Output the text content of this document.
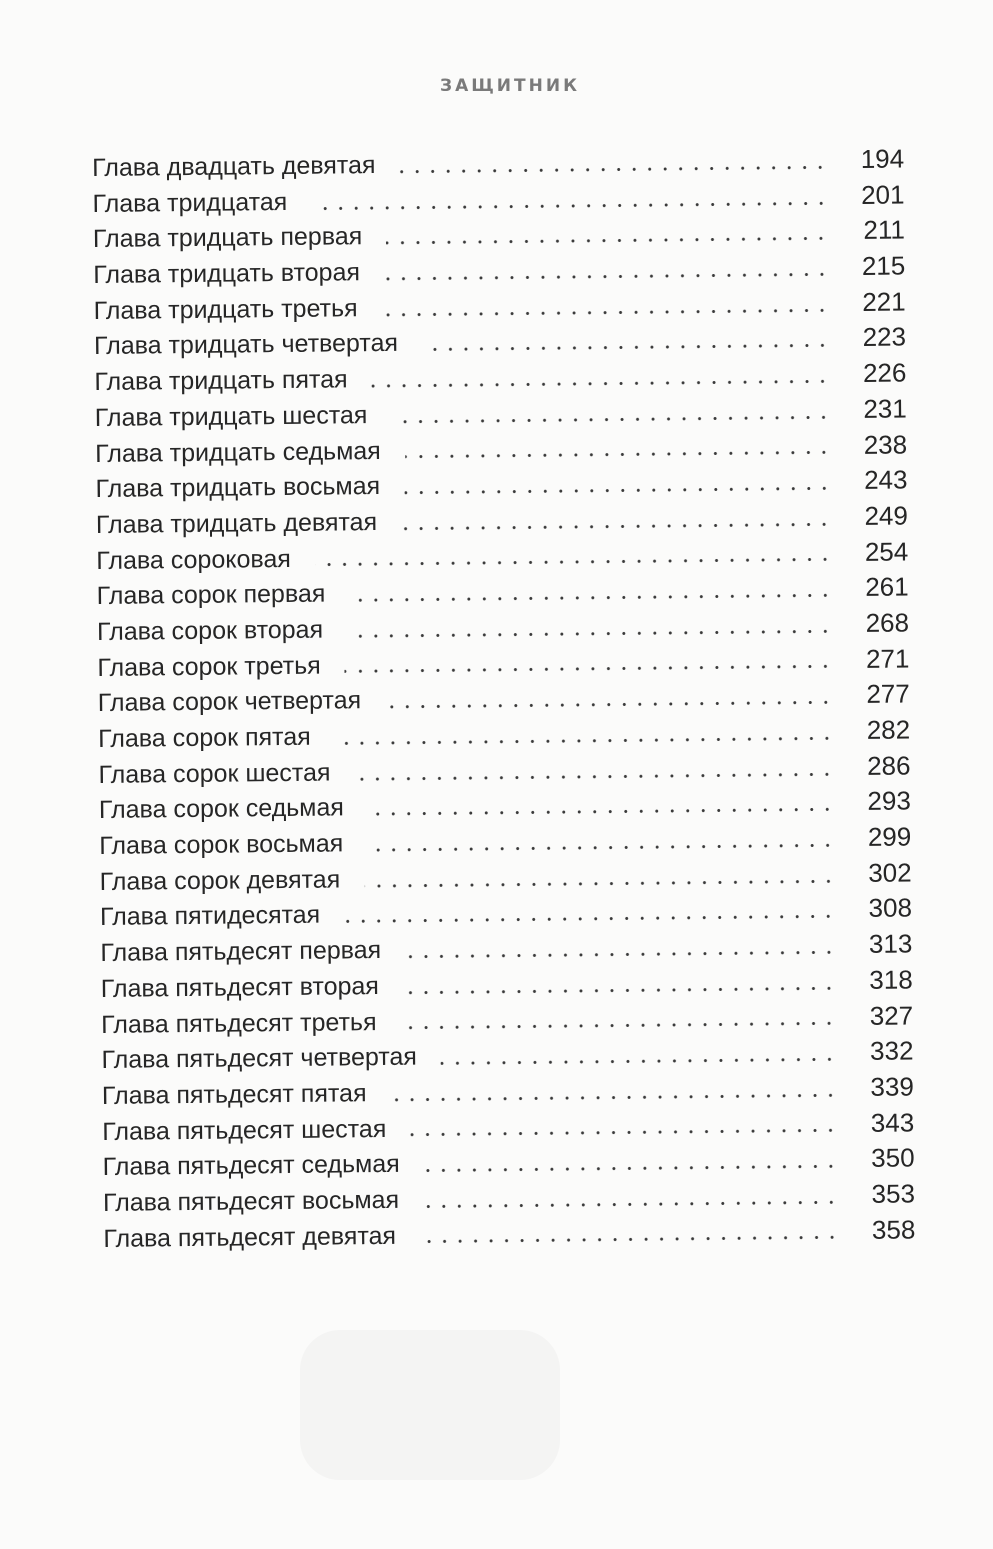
ЗАЩИТНИК
Глава двадцать девятая	194
Глава тридцатая	201
Глава тридцать первая	211
Глава тридцать вторая	215
Глава тридцать третья	221
Глава тридцать четвертая	223
Глава тридцать пятая	226
Глава тридцать шестая	231
Глава тридцать седьмая	238
Глава тридцать восьмая	243
Глава тридцать девятая	249
Глава сороковая	254
Глава сорок первая	261
Глава сорок вторая	268
Глава сорок третья	271
Глава сорок четвертая	277
Глава сорок пятая	282
Глава сорок шестая	286
Глава сорок седьмая	293
Глава сорок восьмая	299
Глава сорок девятая	302
Глава пятидесятая	308
Глава пятьдесят первая	313
Глава пятьдесят вторая	318
Глава пятьдесят третья	327
Глава пятьдесят четвертая	332
Глава пятьдесят пятая	339
Глава пятьдесят шестая	343
Глава пятьдесят седьмая	350
Глава пятьдесят восьмая	353
Глава пятьдесят девятая	358
